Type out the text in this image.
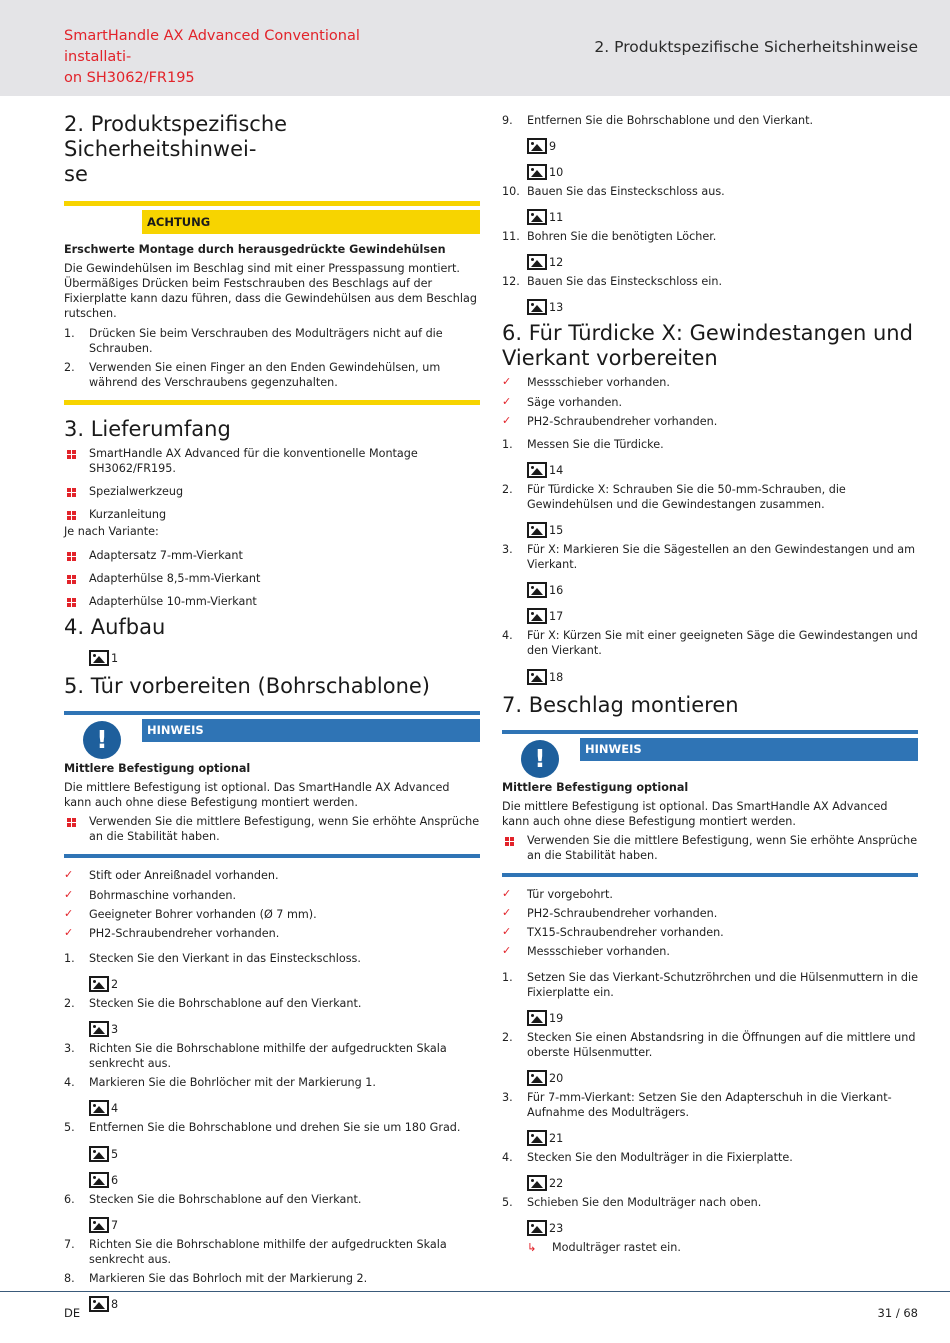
SmartHandle AX Advanced Conventional installati-
on SH3062/FR195
2. Produktspezifische Sicherheitshinweise
2. Produktspezifische Sicherheitshinwei-
se
ACHTUNG
Erschwerte Montage durch herausgedrückte Gewindehülsen

Die Gewindehülsen im Beschlag sind mit einer Presspassung montiert. Übermäßiges Drücken beim Festschrauben des Beschlags auf der Fixierplatte kann dazu führen, dass die Gewindehülsen aus dem Beschlag rutschen.

1. Drücken Sie beim Verschrauben des Modulträgers nicht auf die Schrauben.
2. Verwenden Sie einen Finger an den Enden Gewindehülsen, um während des Verschraubens gegenzuhalten.
3. Lieferumfang
SmartHandle AX Advanced für die konventionelle Montage SH3062/FR195.
Spezialwerkzeug
Kurzanleitung

Je nach Variante:

Adaptersatz 7-mm-Vierkant
Adapterhülse 8,5-mm-Vierkant
Adapterhülse 10-mm-Vierkant
4. Aufbau
1
5. Tür vorbereiten (Bohrschablone)
!	HINWEIS
Mittlere Befestigung optional

Die mittlere Befestigung ist optional. Das SmartHandle AX Advanced kann auch ohne diese Befestigung montiert werden.

Verwenden Sie die mittlere Befestigung, wenn Sie erhöhte Ansprüche an die Stabilität haben.
✓ Stift oder Anreißnadel vorhanden.
✓ Bohrmaschine vorhanden.
✓ Geeigneter Bohrer vorhanden (Ø 7 mm).
✓ PH2-Schraubendreher vorhanden.
1. Stecken Sie den Vierkant in das Einsteckschloss.
2
2. Stecken Sie die Bohrschablone auf den Vierkant.
3
3. Richten Sie die Bohrschablone mithilfe der aufgedruckten Skala senkrecht aus.
4. Markieren Sie die Bohrlöcher mit der Markierung 1.
4
5. Entfernen Sie die Bohrschablone und drehen Sie sie um 180 Grad.
5
6
6. Stecken Sie die Bohrschablone auf den Vierkant.
7
7. Richten Sie die Bohrschablone mithilfe der aufgedruckten Skala senkrecht aus.
8. Markieren Sie das Bohrloch mit der Markierung 2.
8
9. Entfernen Sie die Bohrschablone und den Vierkant.
9
10
10. Bauen Sie das Einsteckschloss aus.
11
11. Bohren Sie die benötigten Löcher.
12
12. Bauen Sie das Einsteckschloss ein.
13
6. Für Türdicke X: Gewindestangen und
Vierkant vorbereiten
✓ Messschieber vorhanden.
✓ Säge vorhanden.
✓ PH2-Schraubendreher vorhanden.
1. Messen Sie die Türdicke.
14
2. Für Türdicke X: Schrauben Sie die 50-mm-Schrauben, die Gewindehülsen und die Gewindestangen zusammen.
15
3. Für X: Markieren Sie die Sägestellen an den Gewindestangen und am Vierkant.
16
17
4. Für X: Kürzen Sie mit einer geeigneten Säge die Gewindestangen und den Vierkant.
18
7. Beschlag montieren
!	HINWEIS
Mittlere Befestigung optional

Die mittlere Befestigung ist optional. Das SmartHandle AX Advanced kann auch ohne diese Befestigung montiert werden.

Verwenden Sie die mittlere Befestigung, wenn Sie erhöhte Ansprüche an die Stabilität haben.
✓ Tür vorgebohrt.
✓ PH2-Schraubendreher vorhanden.
✓ TX15-Schraubendreher vorhanden.
✓ Messschieber vorhanden.
1. Setzen Sie das Vierkant-Schutzröhrchen und die Hülsenmuttern in die Fixierplatte ein.
19
2. Stecken Sie einen Abstandsring in die Öffnungen auf die mittlere und oberste Hülsenmutter.
20
3. Für 7-mm-Vierkant: Setzen Sie den Adapterschuh in die Vierkant-Aufnahme des Modulträgers.
21
4. Stecken Sie den Modulträger in die Fixierplatte.
22
5. Schieben Sie den Modulträger nach oben.
23
↳ Modulträger rastet ein.
DE	31 / 68
